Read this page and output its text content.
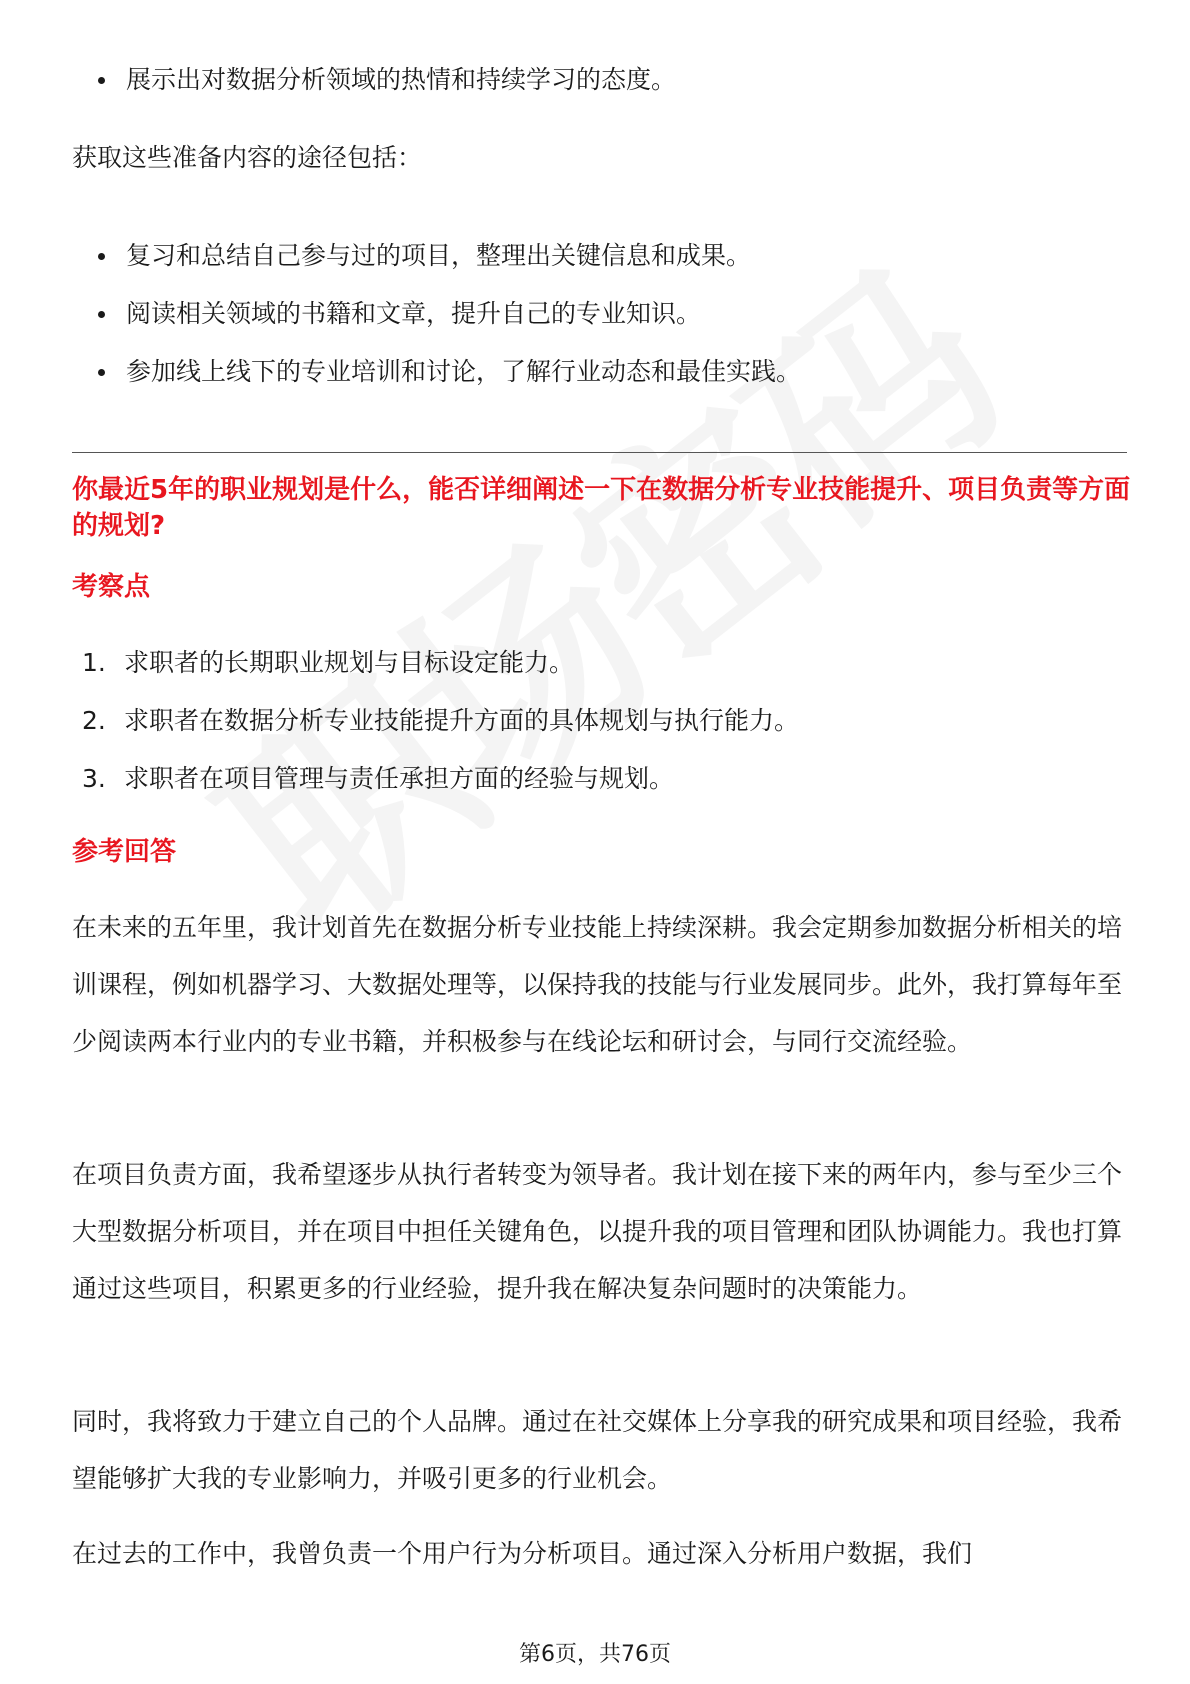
展示出对数据分析领域的热情和持续学习的态度。

获取这些准备内容的途径包括：

复习和总结自己参与过的项目，整理出关键信息和成果。
阅读相关领域的书籍和文章，提升自己的专业知识。
参加线上线下的专业培训和讨论，了解行业动态和最佳实践。

你最近5年的职业规划是什么，能否详细阐述一下在数据分析专业技能提升、项目负责等方面的规划?

考察点

1. 求职者的长期职业规划与目标设定能力。
2. 求职者在数据分析专业技能提升方面的具体规划与执行能力。
3. 求职者在项目管理与责任承担方面的经验与规划。

参考回答

在未来的五年里，我计划首先在数据分析专业技能上持续深耕。我会定期参加数据分析相关的培训课程，例如机器学习、大数据处理等，以保持我的技能与行业发展同步。此外，我打算每年至少阅读两本行业内的专业书籍，并积极参与在线论坛和研讨会，与同行交流经验。

在项目负责方面，我希望逐步从执行者转变为领导者。我计划在接下来的两年内，参与至少三个大型数据分析项目，并在项目中担任关键角色，以提升我的项目管理和团队协调能力。我也打算通过这些项目，积累更多的行业经验，提升我在解决复杂问题时的决策能力。

同时，我将致力于建立自己的个人品牌。通过在社交媒体上分享我的研究成果和项目经验，我希望能够扩大我的专业影响力，并吸引更多的行业机会。

在过去的工作中，我曾负责一个用户行为分析项目。通过深入分析用户数据，我们

第6页，共76页
